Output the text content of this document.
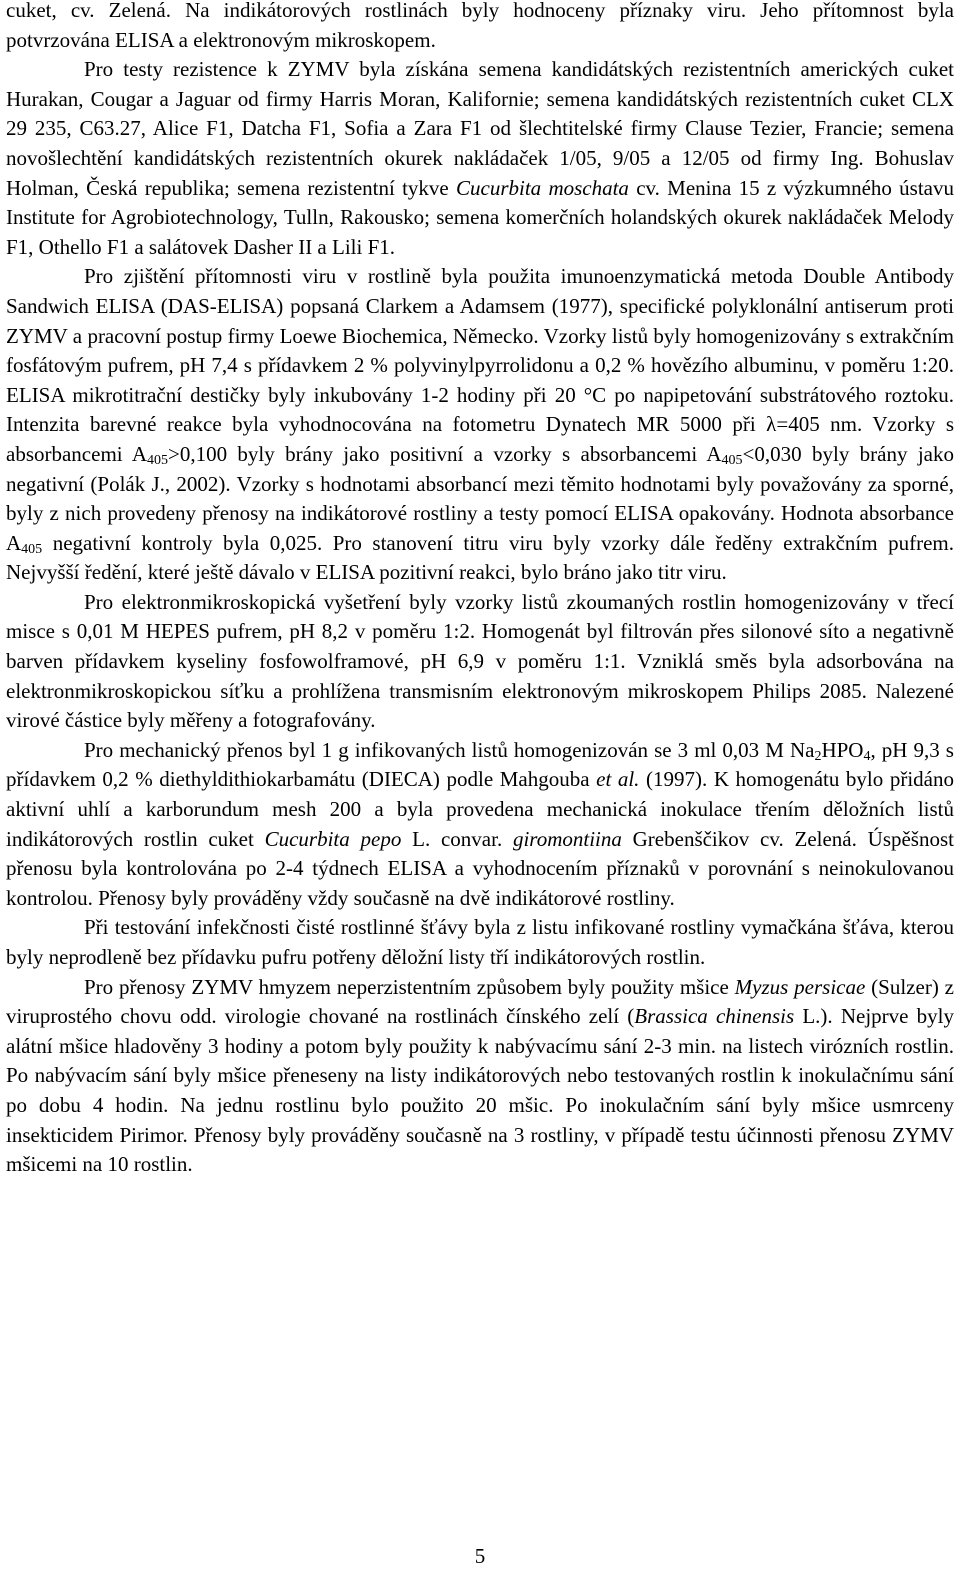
cuket, cv. Zelená. Na indikátorových rostlinách byly hodnoceny příznaky viru. Jeho přítomnost byla potvrzována ELISA a elektronovým mikroskopem.

Pro testy rezistence k ZYMV byla získána semena kandidátských rezistentních amerických cuket Hurakan, Cougar a Jaguar od firmy Harris Moran, Kalifornie; semena kandidátských rezistentních cuket CLX 29 235, C63.27, Alice F1, Datcha F1, Sofia a Zara F1 od šlechtitelské firmy Clause Tezier, Francie; semena novošlechtění kandidátských rezistentních okurek nakládaček 1/05, 9/05 a 12/05 od firmy Ing. Bohuslav Holman, Česká republika; semena rezistentní tykve Cucurbita moschata cv. Menina 15 z výzkumného ústavu Institute for Agrobiotechnology, Tulln, Rakousko; semena komerčních holandských okurek nakládaček Melody F1, Othello F1 a salátovek Dasher II a Lili F1.

Pro zjištění přítomnosti viru v rostlině byla použita imunoenzymatická metoda Double Antibody Sandwich ELISA (DAS-ELISA) popsaná Clarkem a Adamsem (1977), specifické polyklonální antiserum proti ZYMV a pracovní postup firmy Loewe Biochemica, Německo. Vzorky listů byly homogenizovány s extrakčním fosfátovým pufrem, pH 7,4 s přídavkem 2 % polyvinylpyrrolidonu a 0,2 % hovězího albuminu, v poměru 1:20. ELISA mikrotitrační destičky byly inkubovány 1-2 hodiny při 20 °C po napipetování substrátového roztoku. Intenzita barevné reakce byla vyhodnocována na fotometru Dynatech MR 5000 při λ=405 nm. Vzorky s absorbancemi $A_{405}>0,100$ byly brány jako positivní a vzorky s absorbancemi $A_{405}<0,030$ byly brány jako negativní (Polák J., 2002). Vzorky s hodnotami absorbancí mezi těmito hodnotami byly považovány za sporné, byly z nich provedeny přenosy na indikátorové rostliny a testy pomocí ELISA opakovány. Hodnota absorbance $A_{405}$ negativní kontroly byla 0,025. Pro stanovení titru viru byly vzorky dále ředěny extrakčním pufrem. Nejvyšší ředění, které ještě dávalo v ELISA pozitivní reakci, bylo bráno jako titr viru.

Pro elektronmikroskopická vyšetření byly vzorky listů zkoumaných rostlin homogenizovány v třecí misce s 0,01 M HEPES pufrem, pH 8,2 v poměru 1:2. Homogenát byl filtrován přes silonové síto a negativně barven přídavkem kyseliny fosfowolframové, pH 6,9 v poměru 1:1. Vzniklá směs byla adsorbována na elektronmikroskopickou síťku a prohlížena transmisním elektronovým mikroskopem Philips 2085. Nalezené virové částice byly měřeny a fotografovány.

Pro mechanický přenos byl 1 g infikovaných listů homogenizován se 3 ml 0,03 M $Na_2HPO_4$, pH 9,3 s přídavkem 0,2 % diethyldithiokarbamátu (DIECA) podle Mahgouba et al. (1997). K homogenátu bylo přidáno aktivní uhlí a karborundum mesh 200 a byla provedena mechanická inokulace třením děložních listů indikátorových rostlin cuket Cucurbita pepo L. convar. giromontiina Grebenščikov cv. Zelená. Úspěšnost přenosu byla kontrolována po 2-4 týdnech ELISA a vyhodnocením příznaků v porovnání s neinokulovanou kontrolou. Přenosy byly prováděny vždy současně na dvě indikátorové rostliny.

Při testování infekčnosti čisté rostlinné šťávy byla z listu infikované rostliny vymačkána šťáva, kterou byly neprodleně bez přídavku pufru potřeny děložní listy tří indikátorových rostlin.

Pro přenosy ZYMV hmyzem neperzistentním způsobem byly použity mšice Myzus persicae (Sulzer) z viruprostého chovu odd. virologie chované na rostlinách čínského zelí (Brassica chinensis L.). Nejprve byly alátní mšice hladověny 3 hodiny a potom byly použity k nabývacímu sání 2-3 min. na listech virózních rostlin. Po nabývacím sání byly mšice přeneseny na listy indikátorových nebo testovaných rostlin k inokulačnímu sání po dobu 4 hodin. Na jednu rostlinu bylo použito 20 mšic. Po inokulačním sání byly mšice usmrceny insekticidem Pirimor. Přenosy byly prováděny současně na 3 rostliny, v případě testu účinnosti přenosu ZYMV mšicemi na 10 rostlin.

5
